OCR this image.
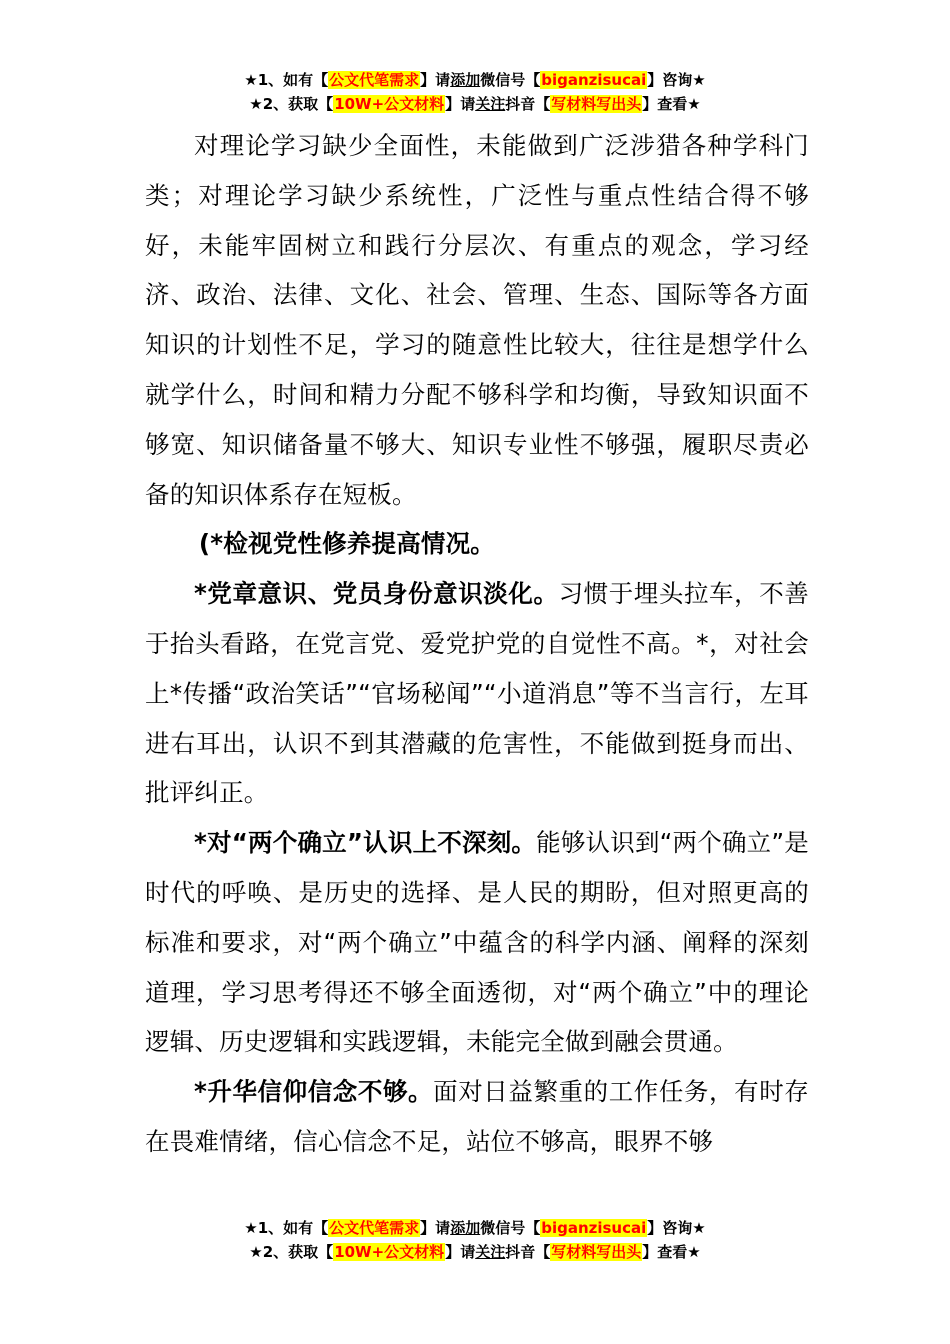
★1、如有【公文代笔需求】请添加微信号【biganzisucai】咨询★
★2、获取【10W+公文材料】请关注抖音【写材料写出头】查看★

对理论学习缺少全面性，未能做到广泛涉猎各种学科门类；对理论学习缺少系统性，广泛性与重点性结合得不够好，未能牢固树立和践行分层次、有重点的观念，学习经济、政治、法律、文化、社会、管理、生态、国际等各方面知识的计划性不足，学习的随意性比较大，往往是想学什么就学什么，时间和精力分配不够科学和均衡，导致知识面不够宽、知识储备量不够大、知识专业性不够强，履职尽责必备的知识体系存在短板。

(*检视党性修养提高情况。

*党章意识、党员身份意识淡化。习惯于埋头拉车，不善于抬头看路，在党言党、爱党护党的自觉性不高。*，对社会上*传播“政治笑话”“官场秘闻”“小道消息”等不当言行，左耳进右耳出，认识不到其潜藏的危害性，不能做到挺身而出、批评纠正。

*对“两个确立”认识上不深刻。能够认识到“两个确立”是时代的呼唤、是历史的选择、是人民的期盼，但对照更高的标准和要求，对“两个确立”中蕴含的科学内涵、阐释的深刻道理，学习思考得还不够全面透彻，对“两个确立”中的理论逻辑、历史逻辑和实践逻辑，未能完全做到融会贯通。

*升华信仰信念不够。面对日益繁重的工作任务，有时存在畏难情绪，信心信念不足，站位不够高，眼界不够

★1、如有【公文代笔需求】请添加微信号【biganzisucai】咨询★
★2、获取【10W+公文材料】请关注抖音【写材料写出头】查看★
